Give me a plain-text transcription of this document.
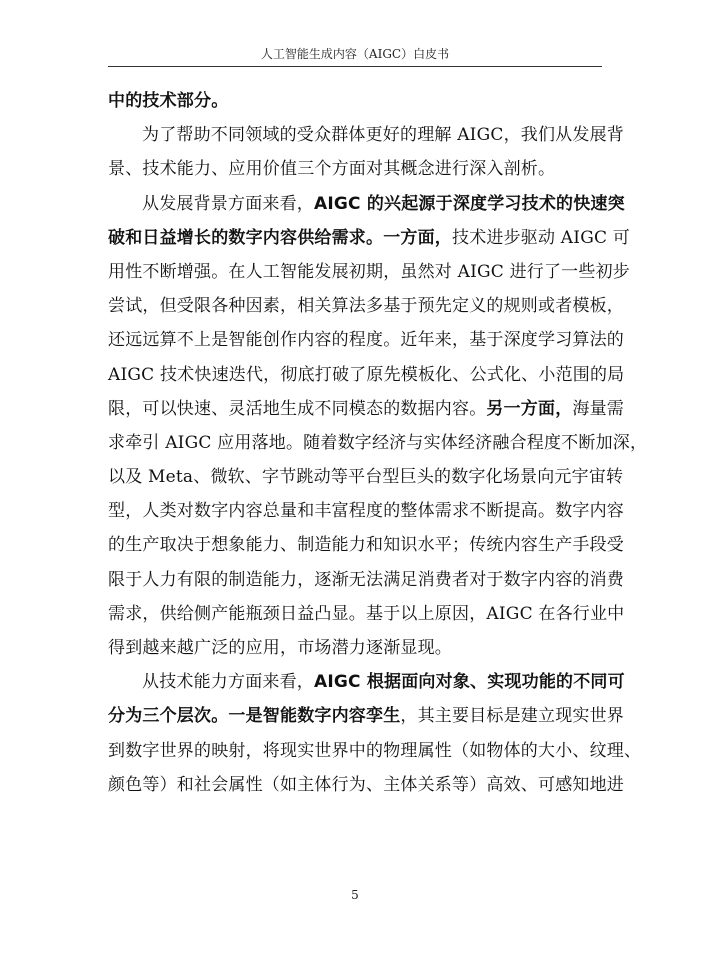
人工智能生成内容（AIGC）白皮书
中的技术部分。
为了帮助不同领域的受众群体更好的理解 AIGC，我们从发展背
景、技术能力、应用价值三个方面对其概念进行深入剖析。
从发展背景方面来看，AIGC 的兴起源于深度学习技术的快速突
破和日益增长的数字内容供给需求。一方面，技术进步驱动 AIGC 可
用性不断增强。在人工智能发展初期，虽然对 AIGC 进行了一些初步
尝试，但受限各种因素，相关算法多基于预先定义的规则或者模板，
还远远算不上是智能创作内容的程度。近年来，基于深度学习算法的
AIGC 技术快速迭代，彻底打破了原先模板化、公式化、小范围的局
限，可以快速、灵活地生成不同模态的数据内容。另一方面，海量需
求牵引 AIGC 应用落地。随着数字经济与实体经济融合程度不断加深，
以及 Meta、微软、字节跳动等平台型巨头的数字化场景向元宇宙转
型，人类对数字内容总量和丰富程度的整体需求不断提高。数字内容
的生产取决于想象能力、制造能力和知识水平；传统内容生产手段受
限于人力有限的制造能力，逐渐无法满足消费者对于数字内容的消费
需求，供给侧产能瓶颈日益凸显。基于以上原因，AIGC 在各行业中
得到越来越广泛的应用，市场潜力逐渐显现。
从技术能力方面来看，AIGC 根据面向对象、实现功能的不同可
分为三个层次。一是智能数字内容孪生，其主要目标是建立现实世界
到数字世界的映射，将现实世界中的物理属性（如物体的大小、纹理、
颜色等）和社会属性（如主体行为、主体关系等）高效、可感知地进
5
